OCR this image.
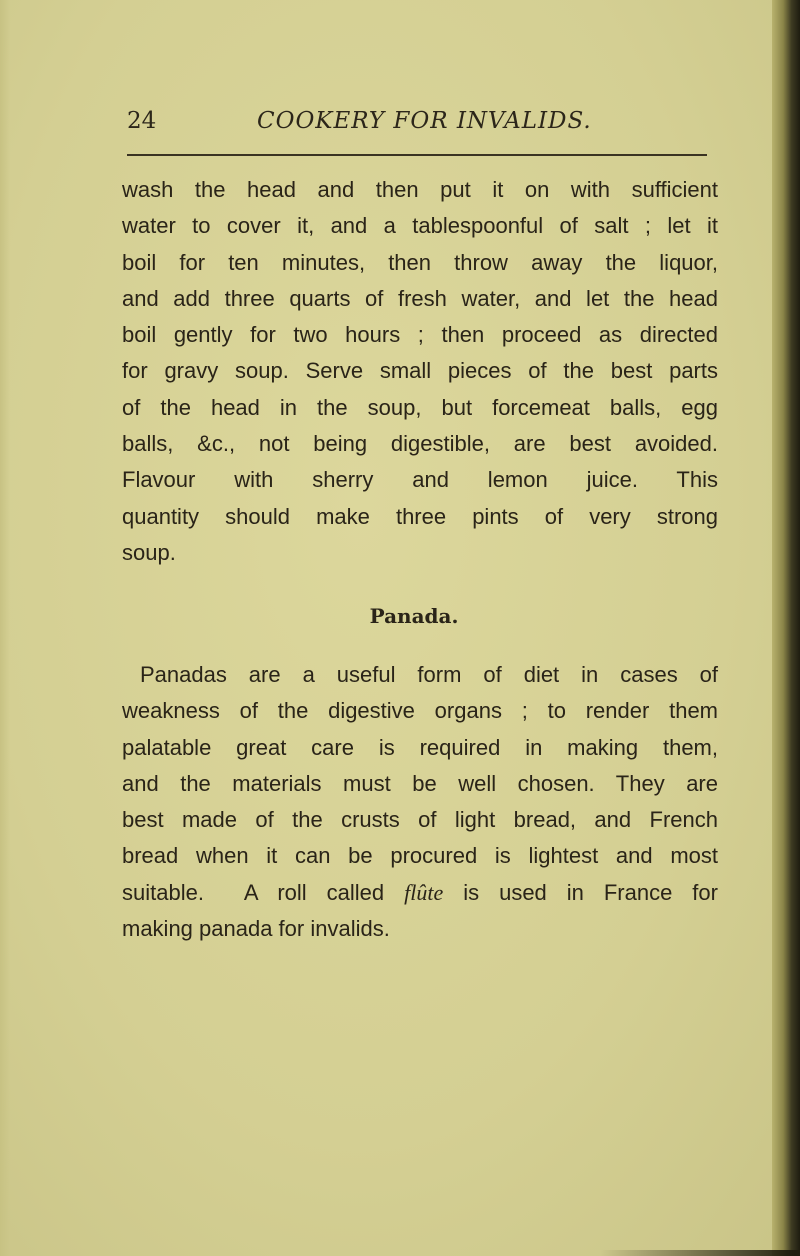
24	COOKERY FOR INVALIDS.
wash the head and then put it on with sufficient
water to cover it, and a tablespoonful of salt ; let it
boil for ten minutes, then throw away the liquor,
and add three quarts of fresh water, and let the head
boil gently for two hours ; then proceed as directed
for gravy soup. Serve small pieces of the best parts
of the head in the soup, but forcemeat balls, egg
balls, &c., not being digestible, are best avoided.
Flavour with sherry and lemon juice. This
quantity should make three pints of very strong
soup.
Panada.
Panadas are a useful form of diet in cases of
weakness of the digestive organs ; to render them
palatable great care is required in making them,
and the materials must be well chosen. They are
best made of the crusts of light bread, and French
bread when it can be procured is lightest and most
suitable. A roll called flûte is used in France for
making panada for invalids.
